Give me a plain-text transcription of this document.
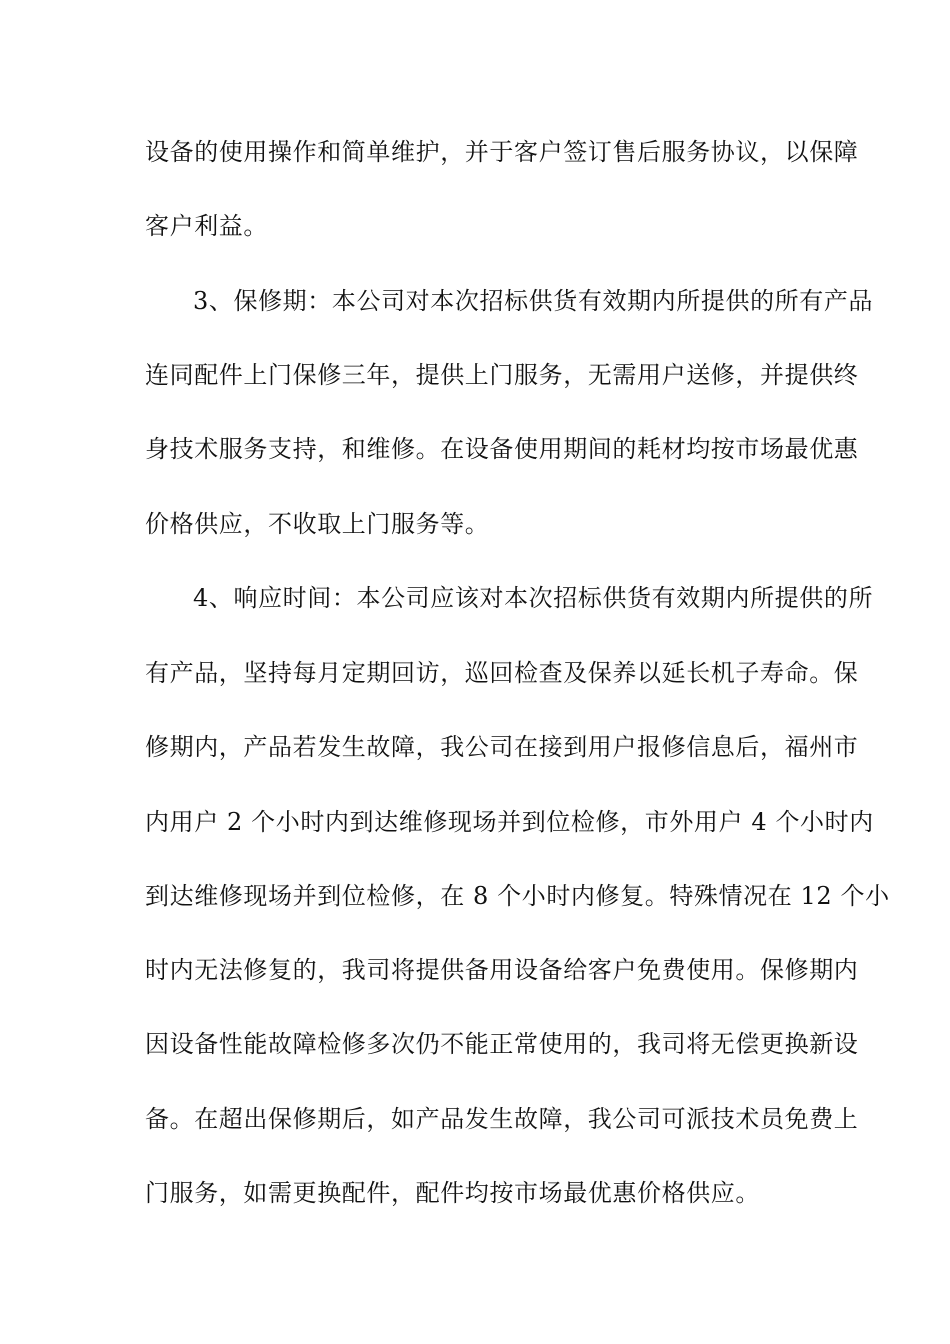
设备的使用操作和简单维护，并于客户签订售后服务协议，以保障
客户利益。
3、保修期：本公司对本次招标供货有效期内所提供的所有产品
连同配件上门保修三年，提供上门服务，无需用户送修，并提供终
身技术服务支持，和维修。在设备使用期间的耗材均按市场最优惠
价格供应，不收取上门服务等。
4、响应时间：本公司应该对本次招标供货有效期内所提供的所
有产品，坚持每月定期回访，巡回检查及保养以延长机子寿命。保
修期内，产品若发生故障，我公司在接到用户报修信息后，福州市
内用户 2 个小时内到达维修现场并到位检修，市外用户 4 个小时内
到达维修现场并到位检修，在 8 个小时内修复。特殊情况在 12 个小
时内无法修复的，我司将提供备用设备给客户免费使用。保修期内
因设备性能故障检修多次仍不能正常使用的，我司将无偿更换新设
备。在超出保修期后，如产品发生故障，我公司可派技术员免费上
门服务，如需更换配件，配件均按市场最优惠价格供应。
